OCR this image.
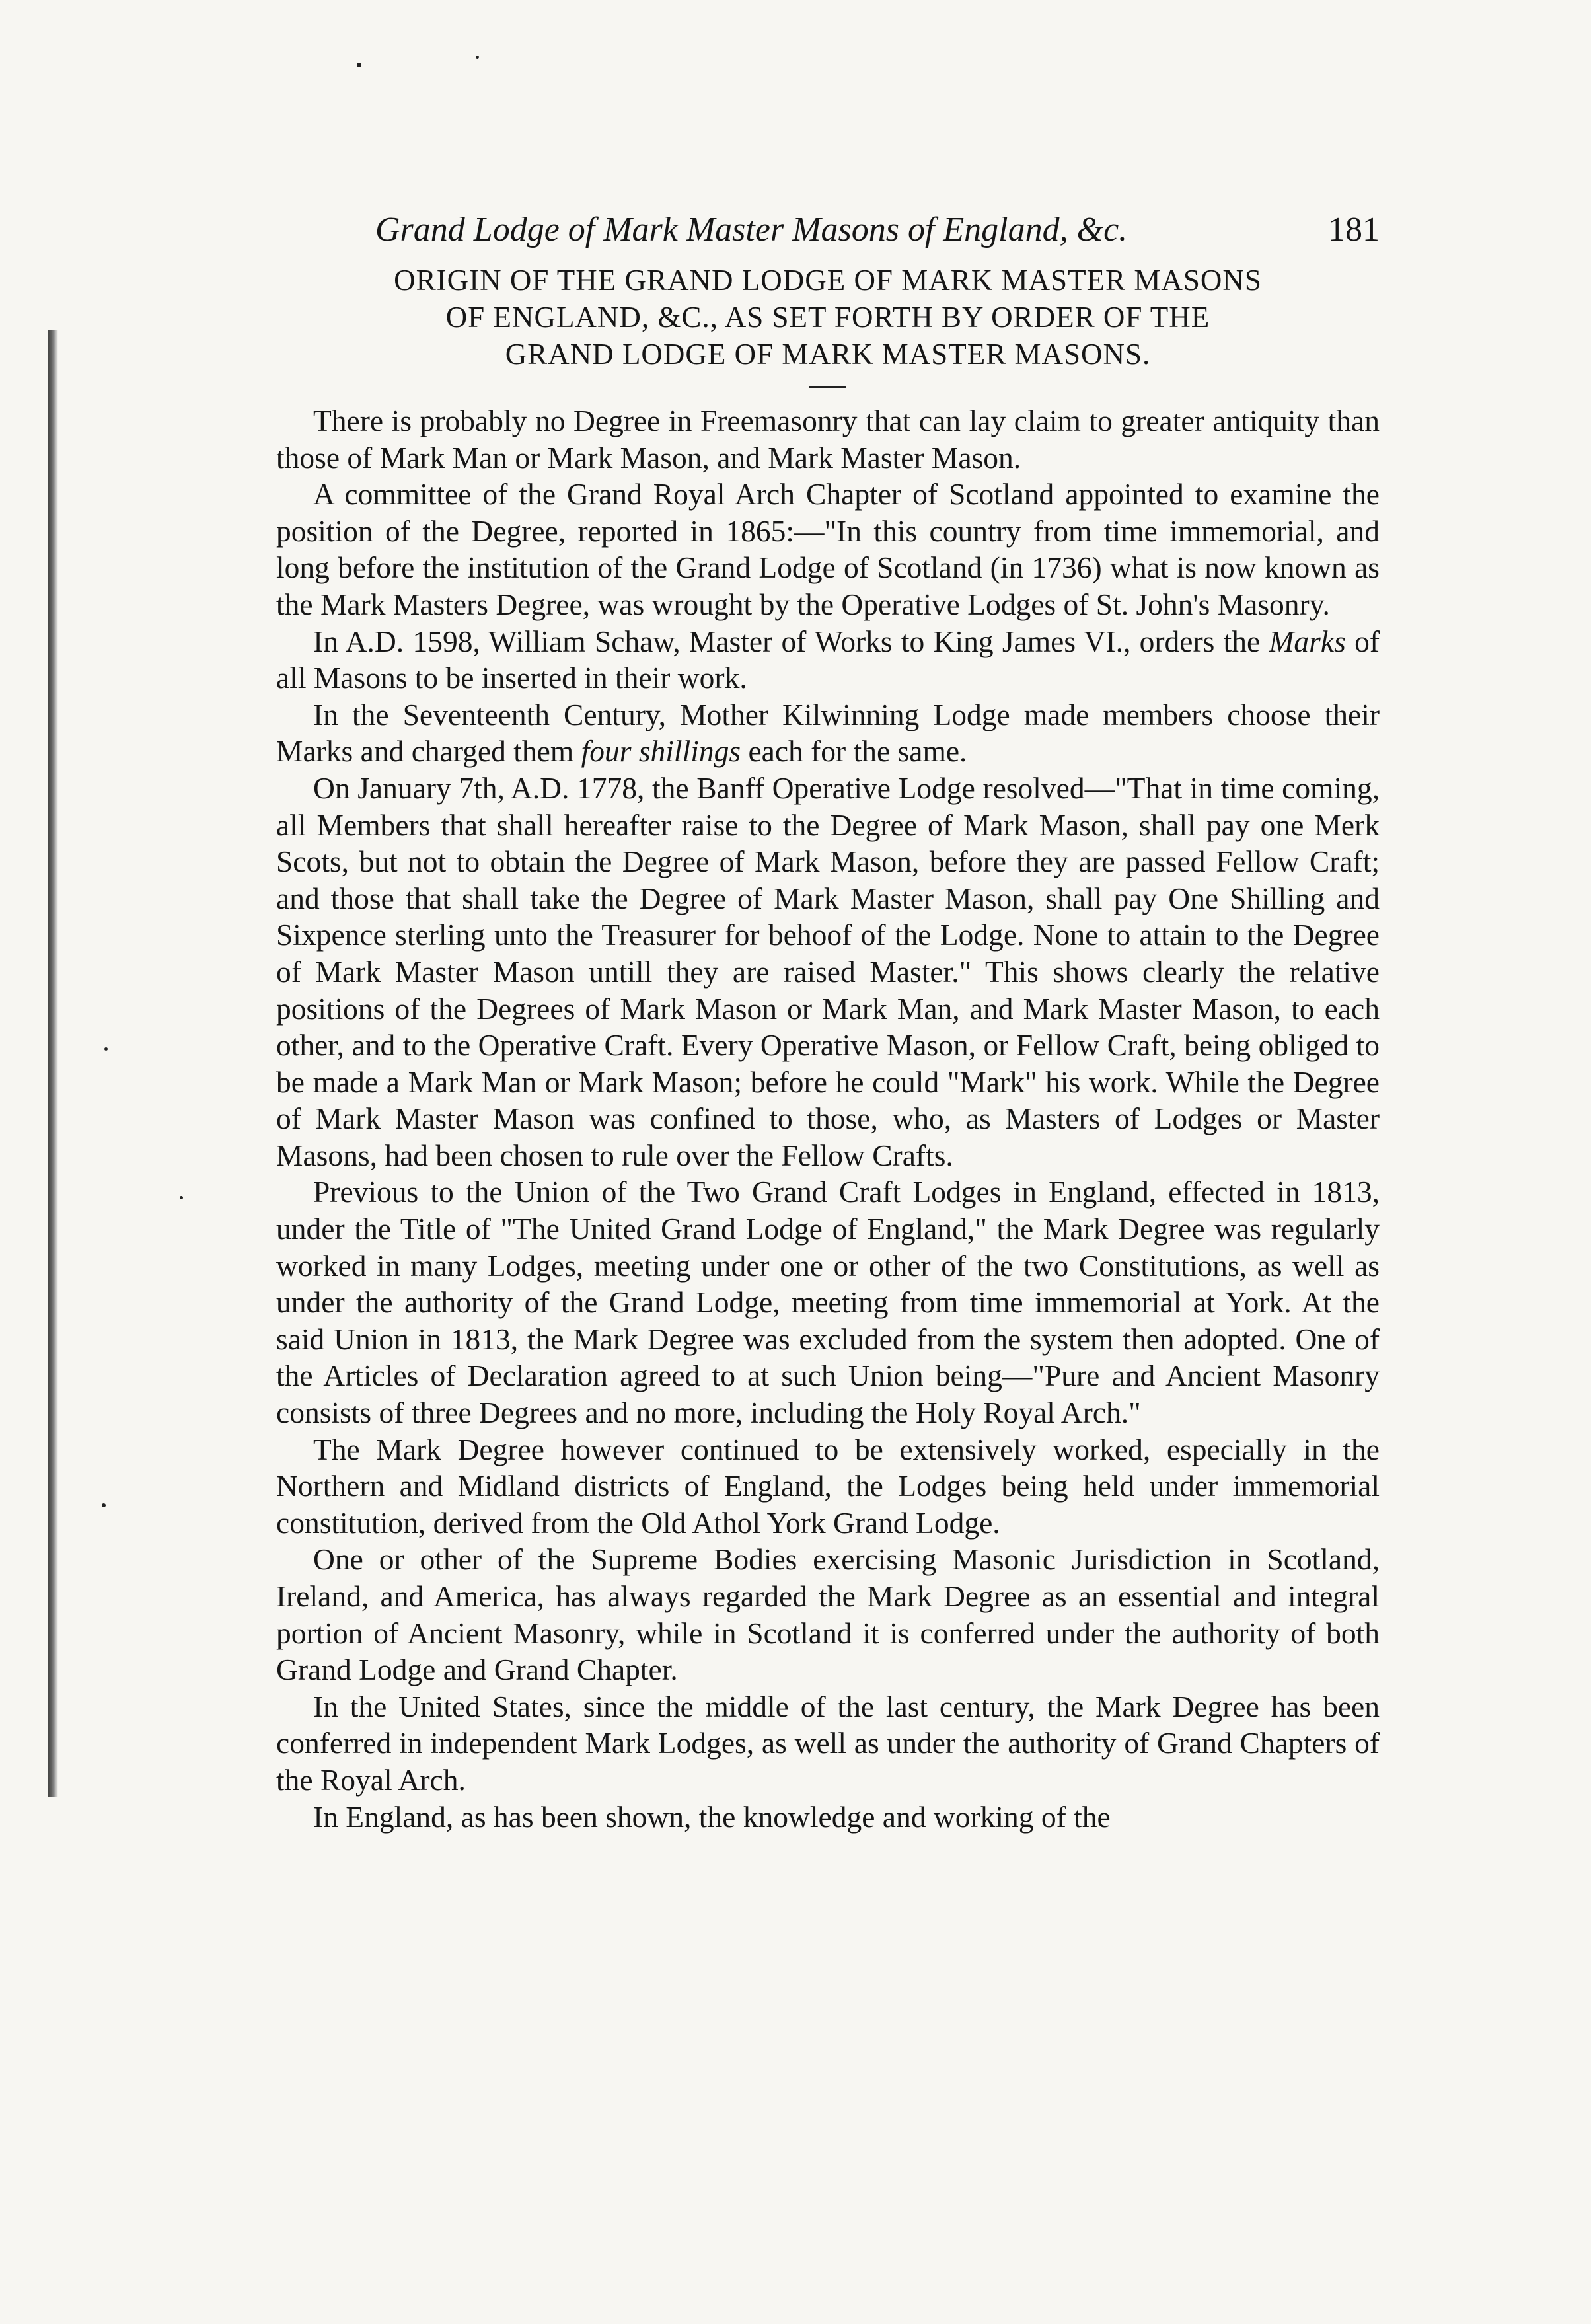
Grand Lodge of Mark Master Masons of England, &c.	181
ORIGIN OF THE GRAND LODGE OF MARK MASTER MASONS
OF ENGLAND, &C., AS SET FORTH BY ORDER OF THE
GRAND LODGE OF MARK MASTER MASONS.

There is probably no Degree in Freemasonry that can lay claim to greater antiquity than those of Mark Man or Mark Mason, and Mark Master Mason.

A committee of the Grand Royal Arch Chapter of Scotland appointed to examine the position of the Degree, reported in 1865:—"In this country from time immemorial, and long before the institution of the Grand Lodge of Scotland (in 1736) what is now known as the Mark Masters Degree, was wrought by the Operative Lodges of St. John's Masonry.

In A.D. 1598, William Schaw, Master of Works to King James VI., orders the Marks of all Masons to be inserted in their work.

In the Seventeenth Century, Mother Kilwinning Lodge made members choose their Marks and charged them four shillings each for the same.

On January 7th, A.D. 1778, the Banff Operative Lodge resolved—"That in time coming, all Members that shall hereafter raise to the Degree of Mark Mason, shall pay one Merk Scots, but not to obtain the Degree of Mark Mason, before they are passed Fellow Craft; and those that shall take the Degree of Mark Master Mason, shall pay One Shilling and Sixpence sterling unto the Treasurer for behoof of the Lodge. None to attain to the Degree of Mark Master Mason untill they are raised Master." This shows clearly the relative positions of the Degrees of Mark Mason or Mark Man, and Mark Master Mason, to each other, and to the Operative Craft. Every Operative Mason, or Fellow Craft, being obliged to be made a Mark Man or Mark Mason; before he could "Mark" his work. While the Degree of Mark Master Mason was confined to those, who, as Masters of Lodges or Master Masons, had been chosen to rule over the Fellow Crafts.

Previous to the Union of the Two Grand Craft Lodges in England, effected in 1813, under the Title of "The United Grand Lodge of England," the Mark Degree was regularly worked in many Lodges, meeting under one or other of the two Constitutions, as well as under the authority of the Grand Lodge, meeting from time immemorial at York. At the said Union in 1813, the Mark Degree was excluded from the system then adopted. One of the Articles of Declaration agreed to at such Union being—"Pure and Ancient Masonry consists of three Degrees and no more, including the Holy Royal Arch."

The Mark Degree however continued to be extensively worked, especially in the Northern and Midland districts of England, the Lodges being held under immemorial constitution, derived from the Old Athol York Grand Lodge.

One or other of the Supreme Bodies exercising Masonic Jurisdiction in Scotland, Ireland, and America, has always regarded the Mark Degree as an essential and integral portion of Ancient Masonry, while in Scotland it is conferred under the authority of both Grand Lodge and Grand Chapter.

In the United States, since the middle of the last century, the Mark Degree has been conferred in independent Mark Lodges, as well as under the authority of Grand Chapters of the Royal Arch.

In England, as has been shown, the knowledge and working of the
